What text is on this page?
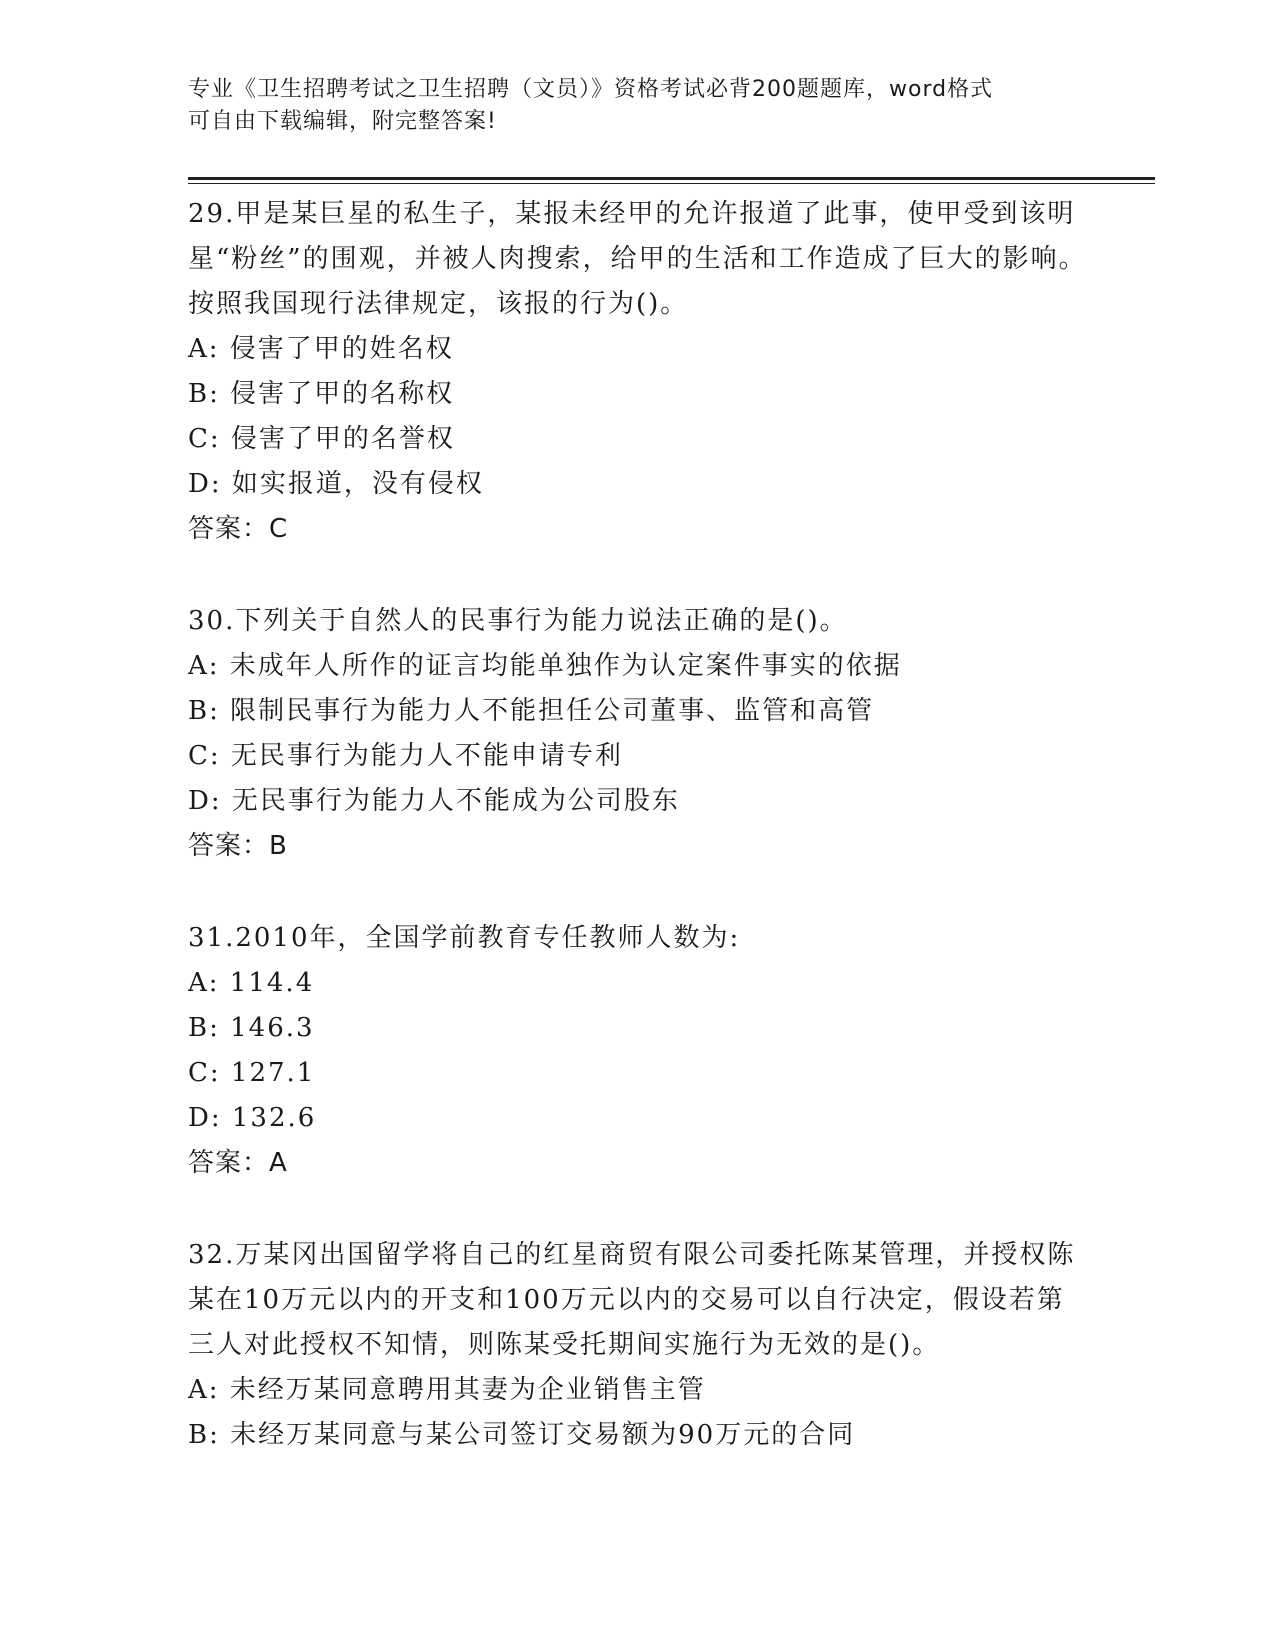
专业《卫生招聘考试之卫生招聘（文员）》资格考试必背200题题库，word格式
可自由下载编辑，附完整答案!

29.甲是某巨星的私生子，某报未经甲的允许报道了此事，使甲受到该明星“粉丝”的围观，并被人肉搜索，给甲的生活和工作造成了巨大的影响。按照我国现行法律规定，该报的行为()。

A: 侵害了甲的姓名权

B: 侵害了甲的名称权

C: 侵害了甲的名誉权

D: 如实报道，没有侵权

答案：C

30.下列关于自然人的民事行为能力说法正确的是()。

A: 未成年人所作的证言均能单独作为认定案件事实的依据

B: 限制民事行为能力人不能担任公司董事、监管和高管

C: 无民事行为能力人不能申请专利

D: 无民事行为能力人不能成为公司股东

答案：B

31.2010年，全国学前教育专任教师人数为:

A: 114.4

B: 146.3

C: 127.1

D: 132.6

答案：A

32.万某冈出国留学将自己的红星商贸有限公司委托陈某管理，并授权陈某在10万元以内的开支和100万元以内的交易可以自行决定，假设若第三人对此授权不知情，则陈某受托期间实施行为无效的是()。

A: 未经万某同意聘用其妻为企业销售主管

B: 未经万某同意与某公司签订交易额为90万元的合同
